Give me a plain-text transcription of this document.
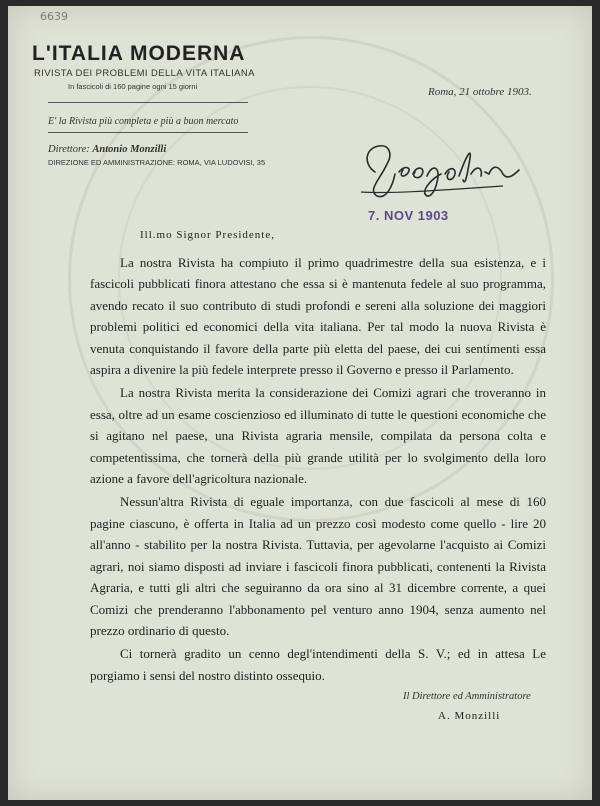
6639
L'ITALIA MODERNA
RIVISTA DEI PROBLEMI DELLA VITA ITALIANA
In fascicoli di 160 pagine ogni 15 giorni	Roma, 21 ottobre 1903.
E' la Rivista più completa e più a buon mercato
Direttore: Antonio Monzilli
DIREZIONE ED AMMINISTRAZIONE: ROMA, VIA LUDOVISI, 35
7. NOV 1903
Ill.mo Signor Presidente,

La nostra Rivista ha compiuto il primo quadrimestre della sua esistenza, e i fascicoli pubblicati finora attestano che essa si è mantenuta fedele al suo programma, avendo recato il suo contributo di studi profondi e sereni alla soluzione dei maggiori problemi politici ed economici della vita italiana. Per tal modo la nuova Rivista è venuta conquistando il favore della parte più eletta del paese, dei cui sentimenti essa aspira a divenire la più fedele interprete presso il Governo e presso il Parlamento.

La nostra Rivista merita la considerazione dei Comizi agrari che troveranno in essa, oltre ad un esame coscienzioso ed illuminato di tutte le questioni economiche che si agitano nel paese, una Rivista agraria mensile, compilata da persona colta e competentissima, che tornerà della più grande utilità per lo svolgimento della loro azione a favore dell'agricoltura nazionale.

Nessun'altra Rivista di eguale importanza, con due fascicoli al mese di 160 pagine ciascuno, è offerta in Italia ad un prezzo così modesto come quello - lire 20 all'anno - stabilito per la nostra Rivista. Tuttavia, per agevolarne l'acquisto ai Comizi agrari, noi siamo disposti ad inviare i fascicoli finora pubblicati, contenenti la Rivista Agraria, e tutti gli altri che seguiranno da ora sino al 31 dicembre corrente, a quei Comizi che prenderanno l'abbonamento pel venturo anno 1904, senza aumento nel prezzo ordinario di questo.

Ci tornerà gradito un cenno degl'intendimenti della S. V.; ed in attesa Le porgiamo i sensi del nostro distinto ossequio.

Il Direttore ed Amministratore
A. Monzilli
